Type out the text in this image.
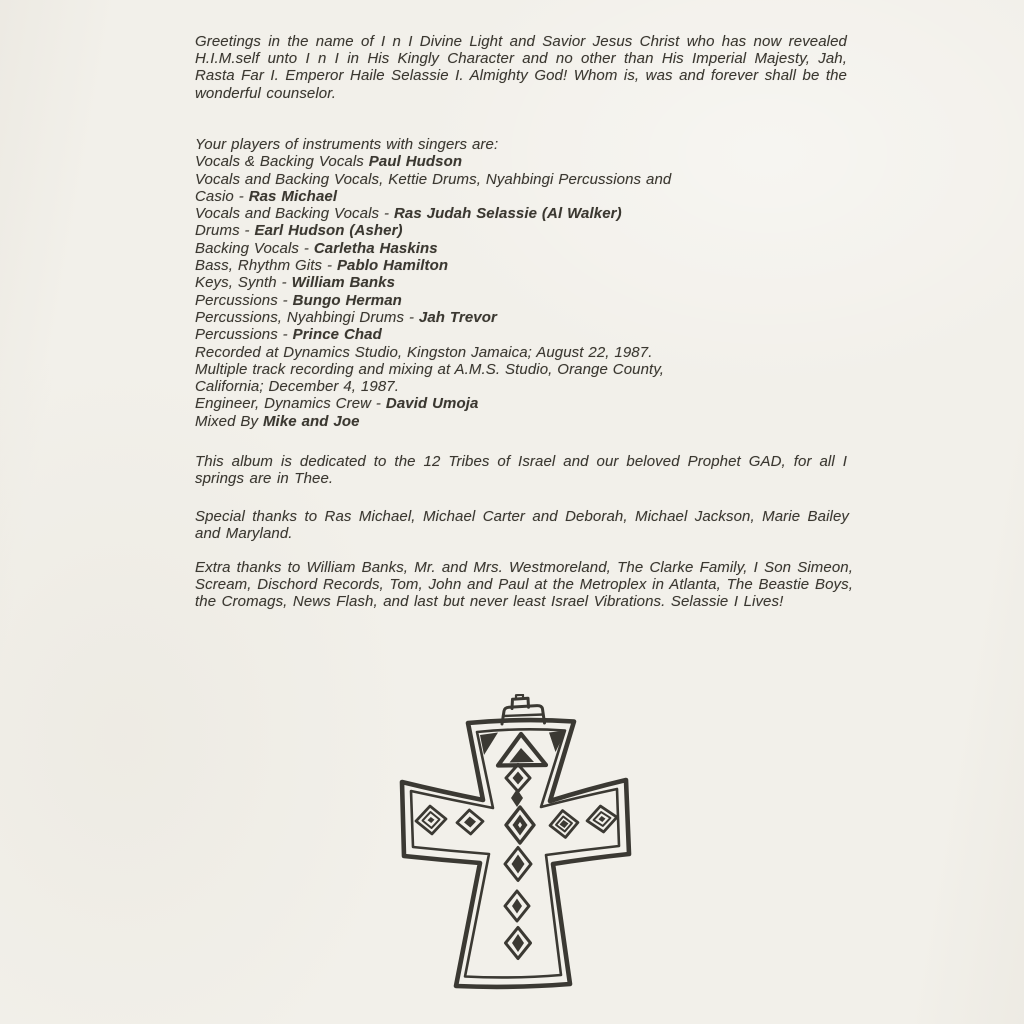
Greetings in the name of I n I Divine Light and Savior Jesus Christ who has now revealed H.I.M.self unto I n I in His Kingly Character and no other than His Imperial Majesty, Jah, Rasta Far I. Emperor Haile Selassie I. Almighty God! Whom is, was and forever shall be the wonderful counselor.
Your players of instruments with singers are:
Vocals & Backing Vocals Paul Hudson
Vocals and Backing Vocals, Kettie Drums, Nyahbingi Percussions and
Casio - Ras Michael
Vocals and Backing Vocals - Ras Judah Selassie (Al Walker)
Drums - Earl Hudson (Asher)
Backing Vocals - Carletha Haskins
Bass, Rhythm Gits - Pablo Hamilton
Keys, Synth - William Banks
Percussions - Bungo Herman
Percussions, Nyahbingi Drums - Jah Trevor
Percussions - Prince Chad
Recorded at Dynamics Studio, Kingston Jamaica; August 22, 1987.
Multiple track recording and mixing at A.M.S. Studio, Orange County,
California; December 4, 1987.
Engineer, Dynamics Crew - David Umoja
Mixed By Mike and Joe
This album is dedicated to the 12 Tribes of Israel and our beloved Prophet GAD, for all I springs are in Thee.
Special thanks to Ras Michael, Michael Carter and Deborah, Michael Jackson, Marie Bailey and Maryland.
Extra thanks to William Banks, Mr. and Mrs. Westmoreland, The Clarke Family, I Son Simeon, Scream, Dischord Records, Tom, John and Paul at the Metroplex in Atlanta, The Beastie Boys, the Cromags, News Flash, and last but never least Israel Vibrations. Selassie I Lives!
